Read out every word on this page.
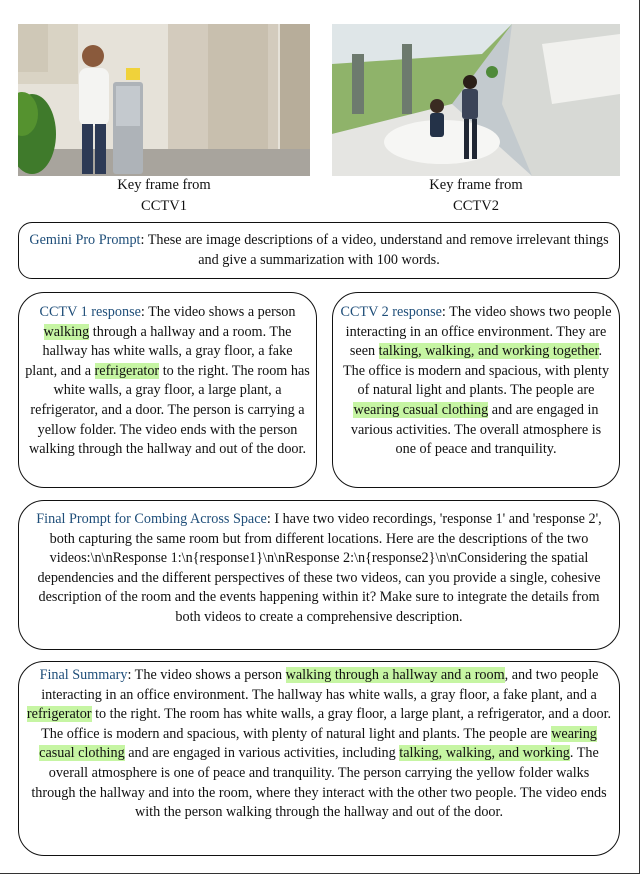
Key frame from
CCTV1
Key frame from
CCTV2
Gemini Pro Prompt: These are image descriptions of a video, understand and remove irrelevant things and give a summarization with 100 words.
CCTV 1 response: The video shows a person walking through a hallway and a room. The hallway has white walls, a gray floor, a fake plant, and a refrigerator to the right. The room has white walls, a gray floor, a large plant, a refrigerator, and a door. The person is carrying a yellow folder. The video ends with the person walking through the hallway and out of the door.
CCTV 2 response: The video shows two people interacting in an office environment. They are seen talking, walking, and working together. The office is modern and spacious, with plenty of natural light and plants. The people are wearing casual clothing and are engaged in various activities. The overall atmosphere is one of peace and tranquility.
Final Prompt for Combing Across Space: I have two video recordings, 'response 1' and 'response 2', both capturing the same room but from different locations. Here are the descriptions of the two videos:\n\nResponse 1:\n{response1}\n\nResponse 2:\n{response2}\n\nConsidering the spatial dependencies and the different perspectives of these two videos, can you provide a single, cohesive description of the room and the events happening within it? Make sure to integrate the details from both videos to create a comprehensive description.
Final Summary: The video shows a person walking through a hallway and a room, and two people interacting in an office environment. The hallway has white walls, a gray floor, a fake plant, and a refrigerator to the right. The room has white walls, a gray floor, a large plant, a refrigerator, and a door. The office is modern and spacious, with plenty of natural light and plants. The people are wearing casual clothing and are engaged in various activities, including talking, walking, and working. The overall atmosphere is one of peace and tranquility. The person carrying the yellow folder walks through the hallway and into the room, where they interact with the other two people. The video ends with the person walking through the hallway and out of the door.
